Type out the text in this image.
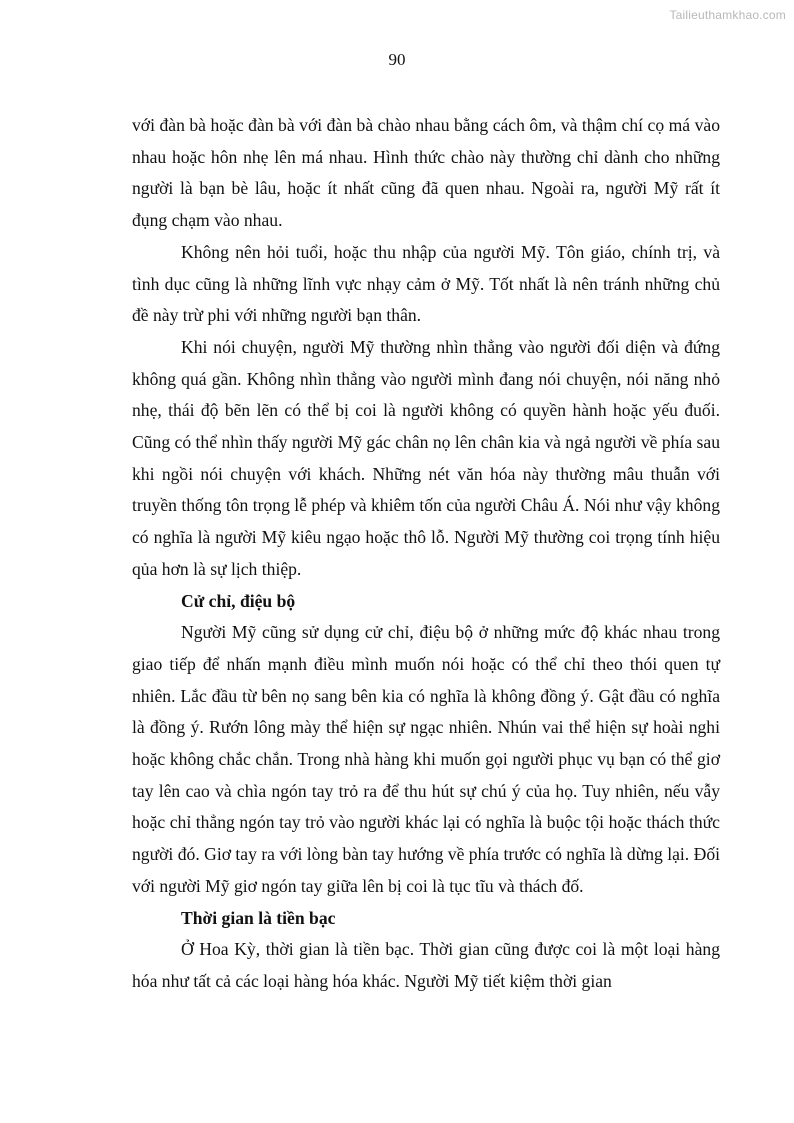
Tailieuthamkhao.com
90

với đàn bà hoặc đàn bà với đàn bà chào nhau bằng cách ôm, và thậm chí cọ má vào nhau hoặc hôn nhẹ lên má nhau. Hình thức chào này thường chỉ dành cho những người là bạn bè lâu, hoặc ít nhất cũng đã quen nhau. Ngoài ra, người Mỹ rất ít đụng chạm vào nhau.

Không nên hỏi tuổi, hoặc thu nhập của người Mỹ. Tôn giáo, chính trị, và tình dục cũng là những lĩnh vực nhạy cảm ở Mỹ. Tốt nhất là nên tránh những chủ đề này trừ phi với những người bạn thân.

Khi nói chuyện, người Mỹ thường nhìn thẳng vào người đối diện và đứng không quá gần. Không nhìn thẳng vào người mình đang nói chuyện, nói năng nhỏ nhẹ, thái độ bẽn lẽn có thể bị coi là người không có quyền hành hoặc yếu đuối. Cũng có thể nhìn thấy người Mỹ gác chân nọ lên chân kia và ngả người về phía sau khi ngồi nói chuyện với khách. Những nét văn hóa này thường mâu thuẫn với truyền thống tôn trọng lễ phép và khiêm tốn của người Châu Á. Nói như vậy không có nghĩa là người Mỹ kiêu ngạo hoặc thô lỗ. Người Mỹ thường coi trọng tính hiệu qủa hơn là sự lịch thiệp.

Cử chỉ, điệu bộ

Người Mỹ cũng sử dụng cử chỉ, điệu bộ ở những mức độ khác nhau trong giao tiếp để nhấn mạnh điều mình muốn nói hoặc có thể chỉ theo thói quen tự nhiên. Lắc đầu từ bên nọ sang bên kia có nghĩa là không đồng ý. Gật đầu có nghĩa là đồng ý. Rướn lông mày thể hiện sự ngạc nhiên. Nhún vai thể hiện sự hoài nghi hoặc không chắc chắn. Trong nhà hàng khi muốn gọi người phục vụ bạn có thể giơ tay lên cao và chìa ngón tay trỏ ra để thu hút sự chú ý của họ. Tuy nhiên, nếu vẫy hoặc chỉ thẳng ngón tay trỏ vào người khác lại có nghĩa là buộc tội hoặc thách thức người đó. Giơ tay ra với lòng bàn tay hướng về phía trước có nghĩa là dừng lại. Đối với người Mỹ giơ ngón tay giữa lên bị coi là tục tĩu và thách đố.

Thời gian là tiền bạc

Ở Hoa Kỳ, thời gian là tiền bạc. Thời gian cũng được coi là một loại hàng hóa như tất cả các loại hàng hóa khác. Người Mỹ tiết kiệm thời gian
